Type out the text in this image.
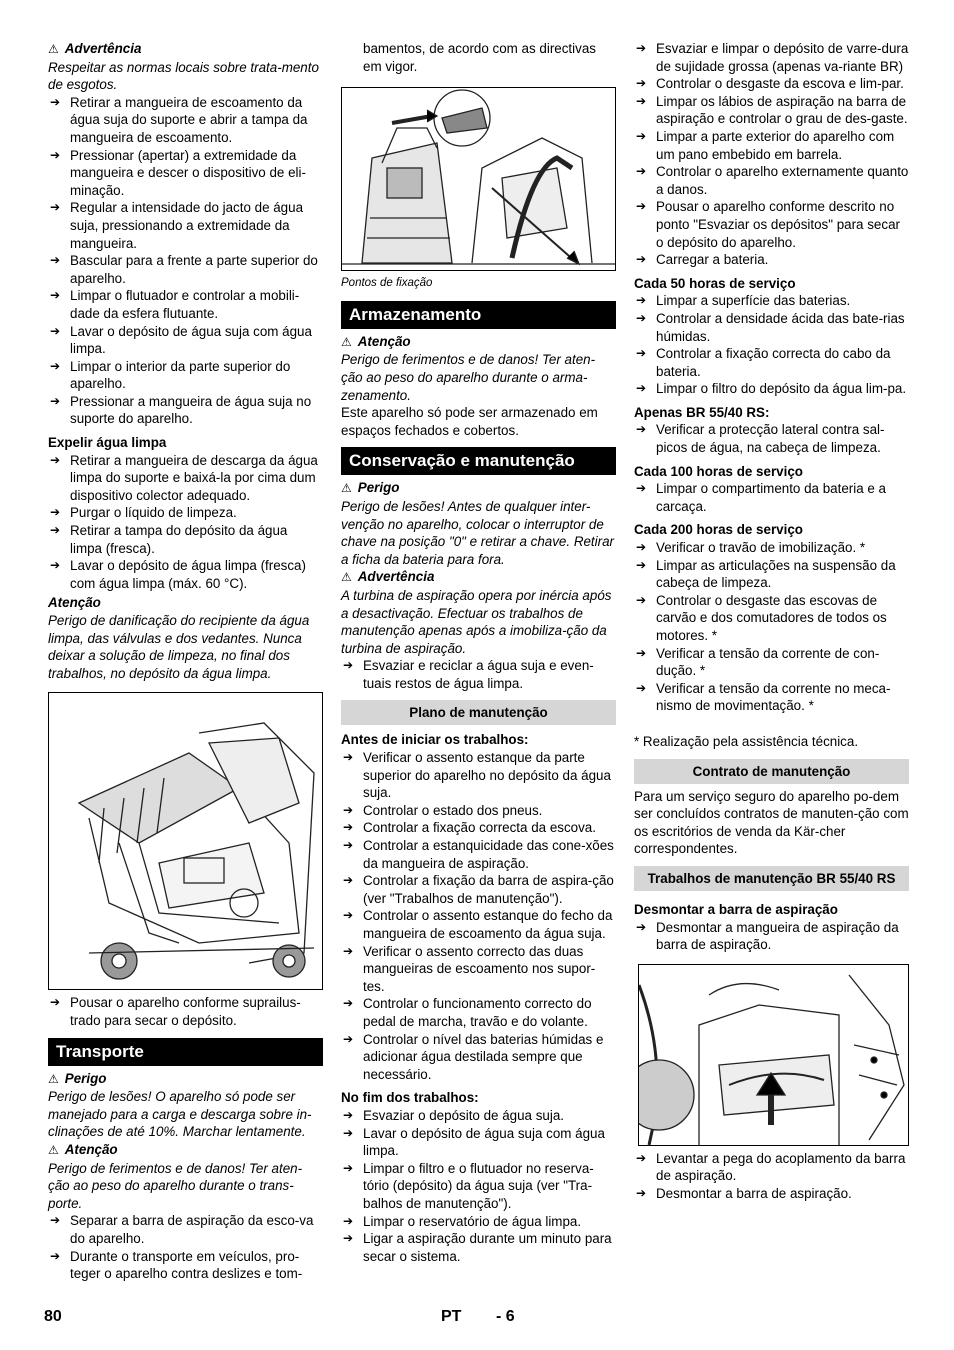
⚠ Advertência

Respeitar as normas locais sobre trata-mento de esgotos.

➔ Retirar a mangueira de escoamento da água suja do suporte e abrir a tampa da mangueira de escoamento.
➔ Pressionar (apertar) a extremidade da mangueira e descer o dispositivo de eli-minação.
➔ Regular a intensidade do jacto de água suja, pressionando a extremidade da mangueira.
➔ Bascular para a frente a parte superior do aparelho.
➔ Limpar o flutuador e controlar a mobili-dade da esfera flutuante.
➔ Lavar o depósito de água suja com água limpa.
➔ Limpar o interior da parte superior do aparelho.
➔ Pressionar a mangueira de água suja no suporte do aparelho.

Expelir água limpa

➔ Retirar a mangueira de descarga da água limpa do suporte e baixá-la por cima dum dispositivo colector adequado.
➔ Purgar o líquido de limpeza.
➔ Retirar a tampa do depósito da água limpa (fresca).
➔ Lavar o depósito de água limpa (fresca) com água limpa (máx. 60 °C).

Atenção

Perigo de danificação do recipiente da água limpa, das válvulas e dos vedantes. Nunca deixar a solução de limpeza, no final dos trabalhos, no depósito da água limpa.

➔ Pousar o aparelho conforme suprailus-trado para secar o depósito.
Transporte

⚠ Perigo

Perigo de lesões! O aparelho só pode ser manejado para a carga e descarga sobre in-clinações de até 10%. Marchar lentamente.

⚠ Atenção

Perigo de ferimentos e de danos! Ter aten-ção ao peso do aparelho durante o trans-porte.

➔ Separar a barra de aspiração da esco-va do aparelho.
➔ Durante o transporte em veículos, pro-teger o aparelho contra deslizes e tom-

bamentos, de acordo com as directivas em vigor.

Pontos de fixação

Armazenamento

⚠ Atenção

Perigo de ferimentos e de danos! Ter aten-ção ao peso do aparelho durante o arma-zenamento.

Este aparelho só pode ser armazenado em espaços fechados e cobertos.

Conservação e manutenção

⚠ Perigo

Perigo de lesões! Antes de qualquer inter-venção no aparelho, colocar o interruptor de chave na posição "0" e retirar a chave. Retirar a ficha da bateria para fora.

⚠ Advertência

A turbina de aspiração opera por inércia após a desactivação. Efectuar os trabalhos de manutenção apenas após a imobiliza-ção da turbina de aspiração.

➔ Esvaziar e reciclar a água suja e even-tuais restos de água limpa.
Plano de manutenção

Antes de iniciar os trabalhos:

➔ Verificar o assento estanque da parte superior do aparelho no depósito da água suja.
➔ Controlar o estado dos pneus.
➔ Controlar a fixação correcta da escova.
➔ Controlar a estanquicidade das cone-xões da mangueira de aspiração.
➔ Controlar a fixação da barra de aspira-ção (ver "Trabalhos de manutenção").
➔ Controlar o assento estanque do fecho da mangueira de escoamento da água suja.
➔ Verificar o assento correcto das duas mangueiras de escoamento nos supor-tes.
➔ Controlar o funcionamento correcto do pedal de marcha, travão e do volante.
➔ Controlar o nível das baterias húmidas e adicionar água destilada sempre que necessário.

No fim dos trabalhos:

➔ Esvaziar o depósito de água suja.
➔ Lavar o depósito de água suja com água limpa.
➔ Limpar o filtro e o flutuador no reserva-tório (depósito) da água suja (ver "Tra-balhos de manutenção").
➔ Limpar o reservatório de água limpa.
➔ Ligar a aspiração durante um minuto para secar o sistema.
➔ Esvaziar e limpar o depósito de varre-dura de sujidade grossa (apenas va-riante BR)
➔ Controlar o desgaste da escova e lim-par.
➔ Limpar os lábios de aspiração na barra de aspiração e controlar o grau de des-gaste.
➔ Limpar a parte exterior do aparelho com um pano embebido em barrela.
➔ Controlar o aparelho externamente quanto a danos.
➔ Pousar o aparelho conforme descrito no ponto "Esvaziar os depósitos" para secar o depósito do aparelho.
➔ Carregar a bateria.

Cada 50 horas de serviço

➔ Limpar a superfície das baterias.
➔ Controlar a densidade ácida das bate-rias húmidas.
➔ Controlar a fixação correcta do cabo da bateria.
➔ Limpar o filtro do depósito da água lim-pa.

Apenas BR 55/40 RS:

➔ Verificar a protecção lateral contra sal-picos de água, na cabeça de limpeza.

Cada 100 horas de serviço

➔ Limpar o compartimento da bateria e a carcaça.

Cada 200 horas de serviço

➔ Verificar o travão de imobilização. *
➔ Limpar as articulações na suspensão da cabeça de limpeza.
➔ Controlar o desgaste das escovas de carvão e dos comutadores de todos os motores. *
➔ Verificar a tensão da corrente de con-dução. *
➔ Verificar a tensão da corrente no meca-nismo de movimentação. *

* Realização pela assistência técnica.

Contrato de manutenção

Para um serviço seguro do aparelho po-dem ser concluídos contratos de manuten-ção com os escritórios de venda da Kär-cher correspondentes.

Trabalhos de manutenção BR 55/40 RS

Desmontar a barra de aspiração

➔ Desmontar a mangueira de aspiração da barra de aspiração.
➔ Levantar a pega do acoplamento da barra de aspiração.
➔ Desmontar a barra de aspiração.
80	PT - 6
